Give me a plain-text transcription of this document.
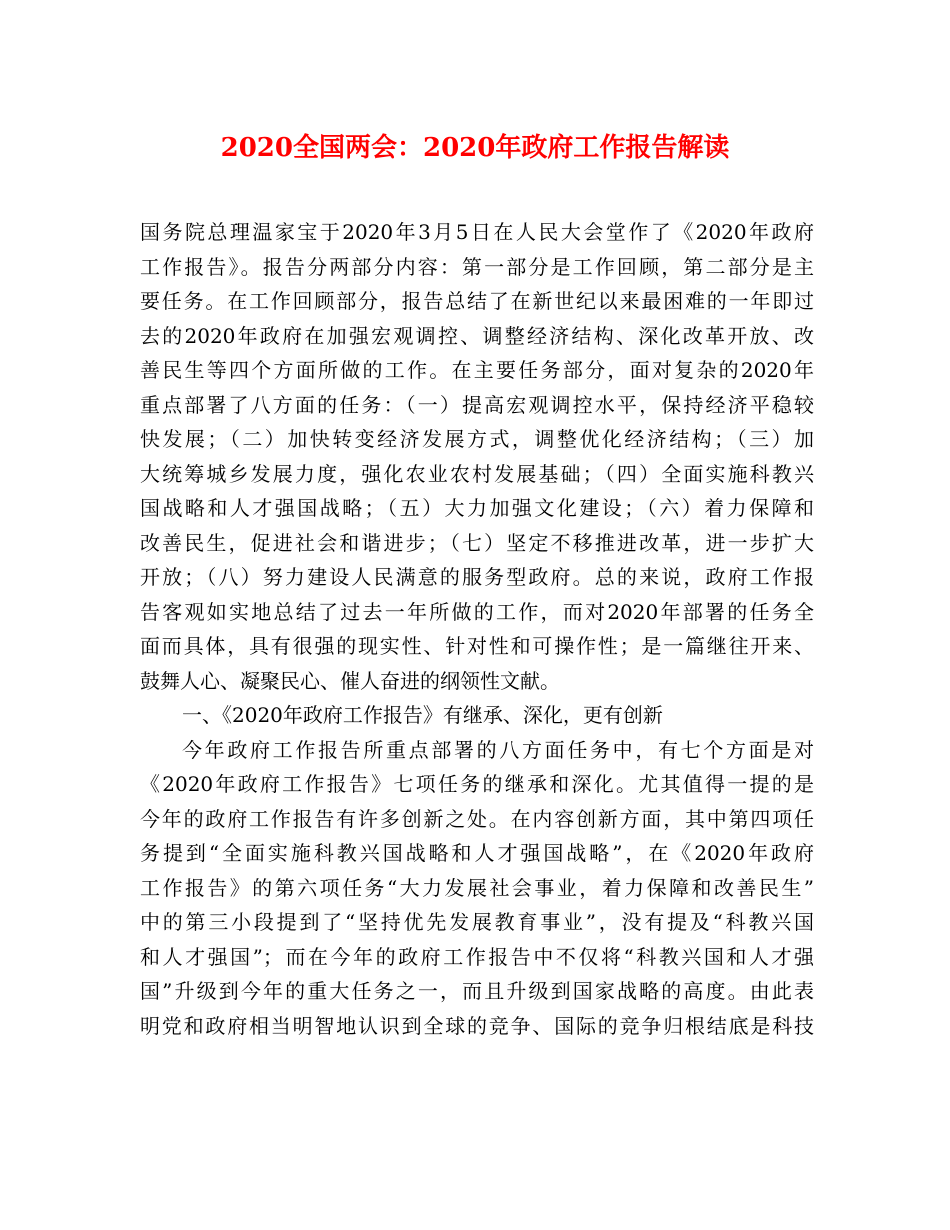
2020全国两会：2020年政府工作报告解读
国务院总理温家宝于2020年3月5日在人民大会堂作了《2020年政府
工作报告》。报告分两部分内容：第一部分是工作回顾，第二部分是主
要任务。在工作回顾部分，报告总结了在新世纪以来最困难的一年即过
去的2020年政府在加强宏观调控、调整经济结构、深化改革开放、改
善民生等四个方面所做的工作。在主要任务部分，面对复杂的2020年
重点部署了八方面的任务：（一）提高宏观调控水平，保持经济平稳较
快发展；（二）加快转变经济发展方式，调整优化经济结构；（三）加
大统筹城乡发展力度，强化农业农村发展基础；（四）全面实施科教兴
国战略和人才强国战略；（五）大力加强文化建设；（六）着力保障和
改善民生，促进社会和谐进步；（七）坚定不移推进改革，进一步扩大
开放；（八）努力建设人民满意的服务型政府。总的来说，政府工作报
告客观如实地总结了过去一年所做的工作，而对2020年部署的任务全
面而具体，具有很强的现实性、针对性和可操作性；是一篇继往开来、
鼓舞人心、凝聚民心、催人奋进的纲领性文献。
一、《2020年政府工作报告》有继承、深化，更有创新
今年政府工作报告所重点部署的八方面任务中，有七个方面是对
《2020年政府工作报告》七项任务的继承和深化。尤其值得一提的是
今年的政府工作报告有许多创新之处。在内容创新方面，其中第四项任
务提到“全面实施科教兴国战略和人才强国战略”，在《2020年政府
工作报告》的第六项任务“大力发展社会事业，着力保障和改善民生”
中的第三小段提到了“坚持优先发展教育事业”，没有提及“科教兴国
和人才强国”；而在今年的政府工作报告中不仅将“科教兴国和人才强
国”升级到今年的重大任务之一，而且升级到国家战略的高度。由此表
明党和政府相当明智地认识到全球的竞争、国际的竞争归根结底是科技
